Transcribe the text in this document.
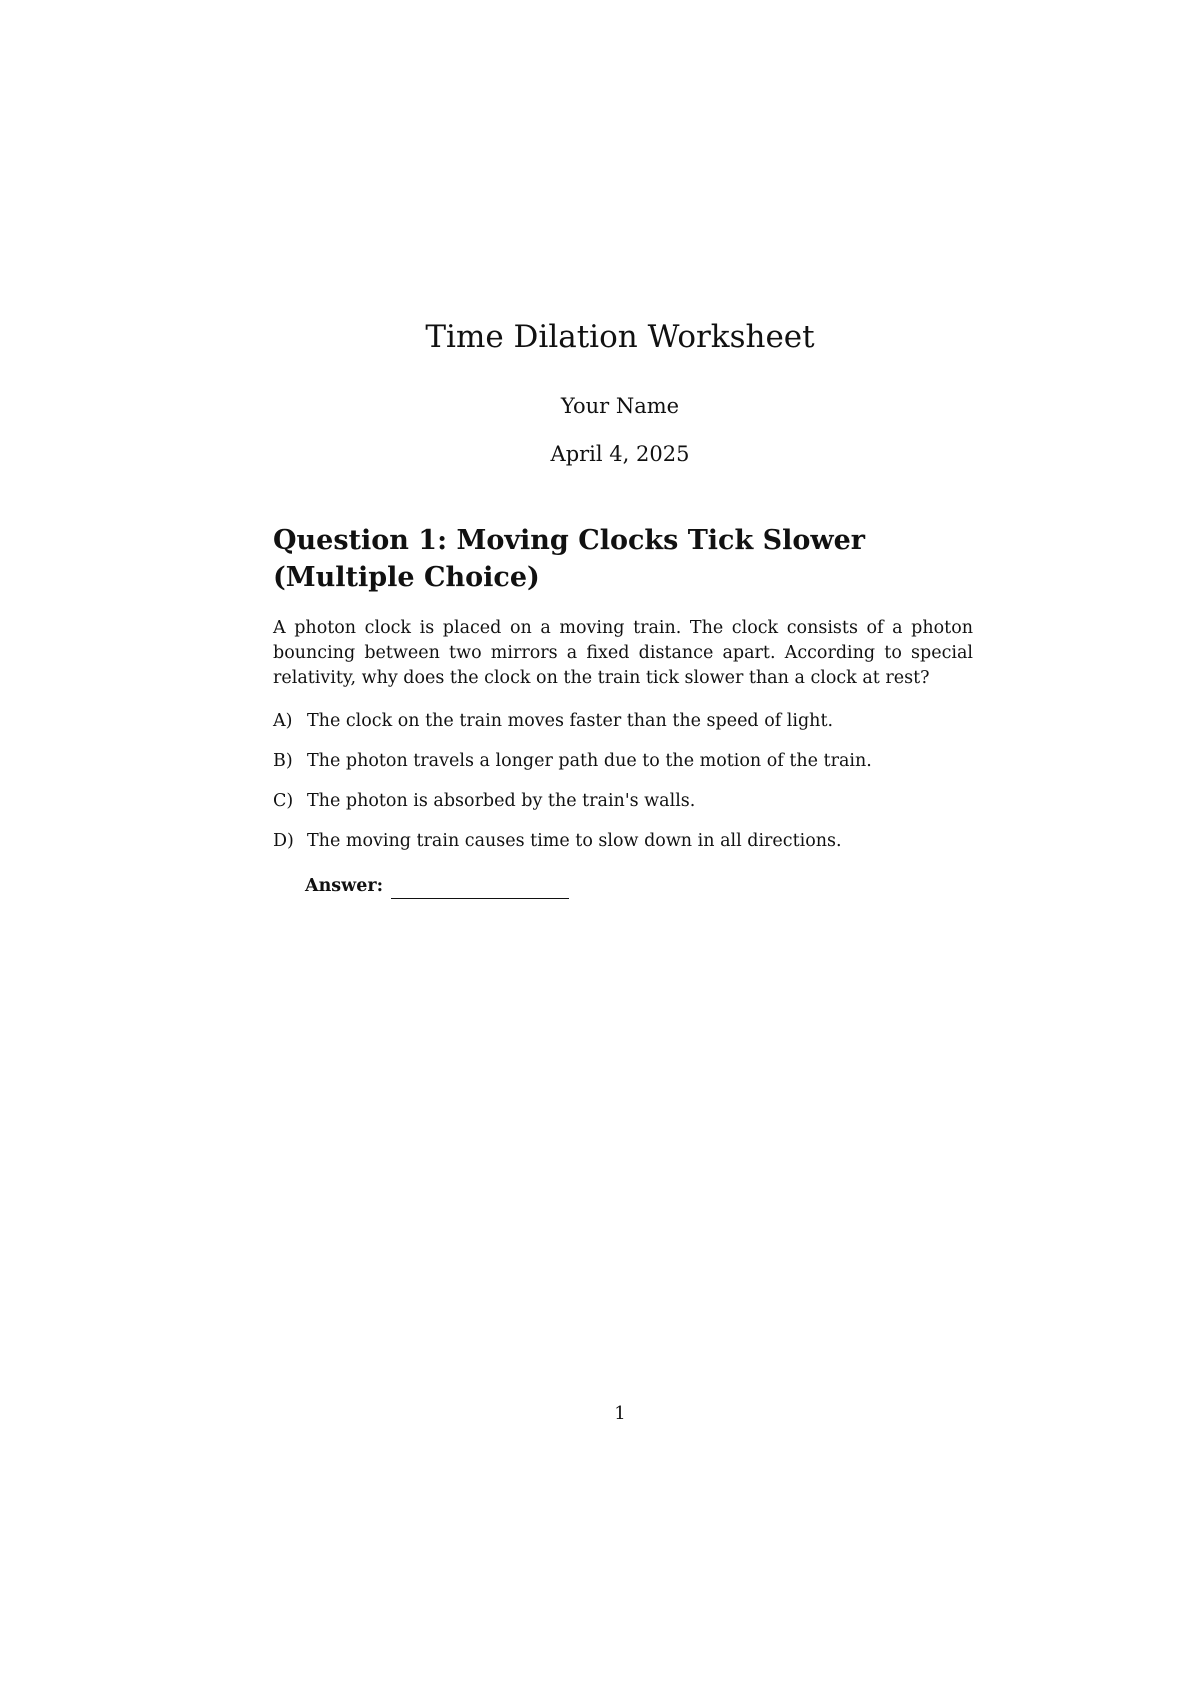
Time Dilation Worksheet
Your Name
April 4, 2025
Question 1: Moving Clocks Tick Slower (Multiple Choice)

A photon clock is placed on a moving train. The clock consists of a photon bouncing between two mirrors a fixed distance apart. According to special relativity, why does the clock on the train tick slower than a clock at rest?

A) The clock on the train moves faster than the speed of light.
B) The photon travels a longer path due to the motion of the train.
C) The photon is absorbed by the train's walls.
D) The moving train causes time to slow down in all directions.
Answer:
1
